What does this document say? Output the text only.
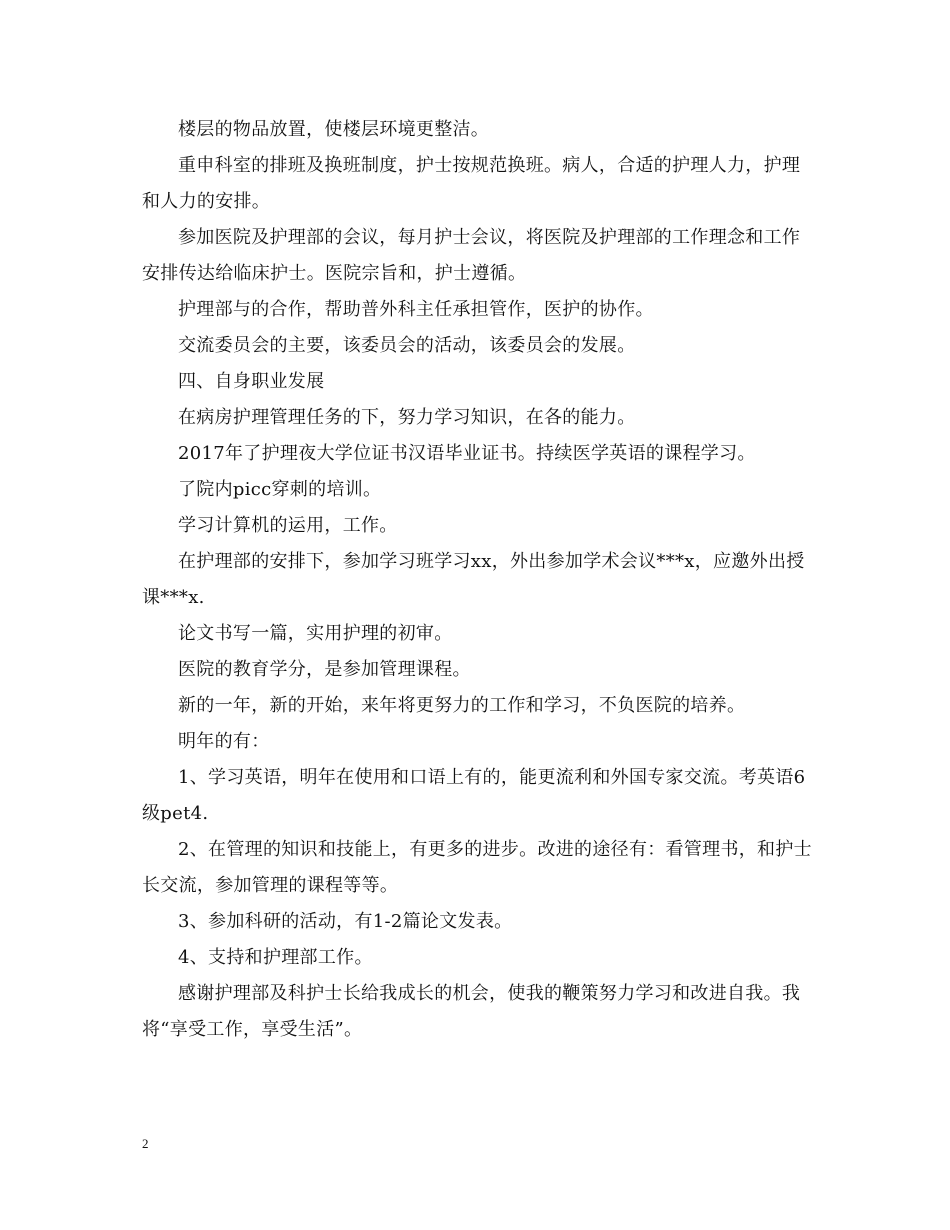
楼层的物品放置，使楼层环境更整洁。

重申科室的排班及换班制度，护士按规范换班。病人，合适的护理人力，护理和人力的安排。

参加医院及护理部的会议，每月护士会议，将医院及护理部的工作理念和工作安排传达给临床护士。医院宗旨和，护士遵循。

护理部与的合作，帮助普外科主任承担管作，医护的协作。

交流委员会的主要，该委员会的活动，该委员会的发展。

四、自身职业发展

在病房护理管理任务的下，努力学习知识，在各的能力。

2017年了护理夜大学位证书汉语毕业证书。持续医学英语的课程学习。

了院内picc穿刺的培训。

学习计算机的运用，工作。

在护理部的安排下，参加学习班学习xx，外出参加学术会议***x，应邀外出授课***x.

论文书写一篇，实用护理的初审。

医院的教育学分，是参加管理课程。

新的一年，新的开始，来年将更努力的工作和学习，不负医院的培养。

明年的有：

1、学习英语，明年在使用和口语上有的，能更流利和外国专家交流。考英语6级pet4.

2、在管理的知识和技能上，有更多的进步。改进的途径有：看管理书，和护士长交流，参加管理的课程等等。

3、参加科研的活动，有1-2篇论文发表。

4、支持和护理部工作。

感谢护理部及科护士长给我成长的机会，使我的鞭策努力学习和改进自我。我将“享受工作，享受生活”。

2
